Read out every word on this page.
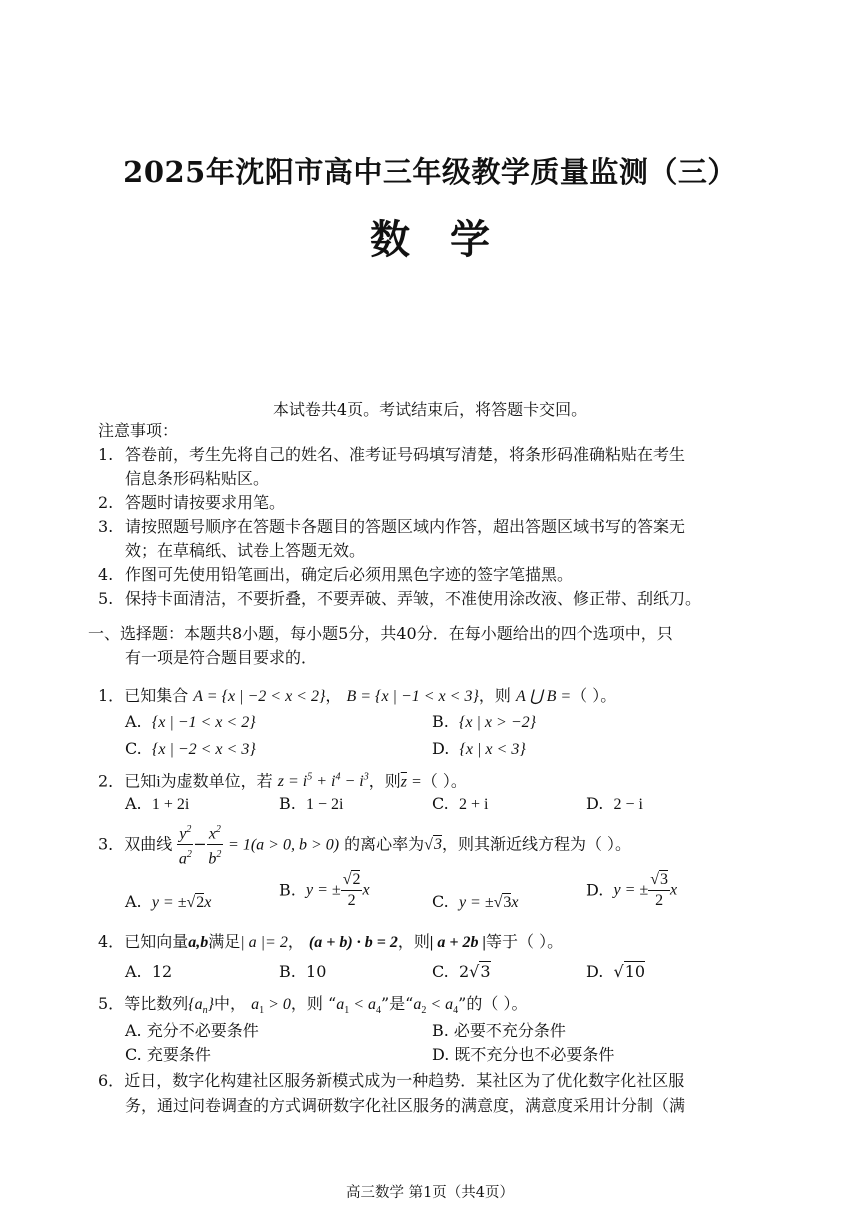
2025年沈阳市高中三年级教学质量监测（三）
数学
本试卷共4页。考试结束后，将答题卡交回。
注意事项：
1. 答卷前，考生先将自己的姓名、准考证号码填写清楚，将条形码准确粘贴在考生
信息条形码粘贴区。
2. 答题时请按要求用笔。
3. 请按照题号顺序在答题卡各题目的答题区域内作答，超出答题区域书写的答案无
效；在草稿纸、试卷上答题无效。
4. 作图可先使用铅笔画出，确定后必须用黑色字迹的签字笔描黑。
5. 保持卡面清洁，不要折叠，不要弄破、弄皱，不准使用涂改液、修正带、刮纸刀。
一、选择题：本题共8小题，每小题5分，共40分．在每小题给出的四个选项中，只
有一项是符合题目要求的．
1．已知集合 A = {x | −2 < x < 2}， B = {x | −1 < x < 3}，则 A ⋃ B =（ ）。
A. {x | −1 < x < 2}	B. {x | x > −2}
C. {x | −2 < x < 3}	D. {x | x < 3}
2．已知i为虚数单位，若 $z = i^5 + i^4 - i^3$，则$\overline{z}$ =（ ）。
A. 1 + 2i	B. 1 − 2i	C. 2 + i	D. 2 − i
3．双曲线 $\frac{y^2}{a^2} - \frac{x^2}{b^2} = 1(a > 0$, b > 0) 的离心率为√3，则其渐近线方程为（ ）。
A. y = ±√2x
B. y = ± $\frac{√2}{2}$ x
C. y = ±√3x
D. y = ± $\frac{√3}{2}$ x
4．已知向量a,b满足| a |= 2， (a + b) · b = 2，则| a + 2b |等于（ ）。
A. 12	B. 10	C. 2√3	D.  √10
5．等比数列$\{a_n\}$中， $a_1 > 0$，则 “$a_1 < a_4$”是“$a_2 < a_4$”的（ ）。
A. 充分不必要条件	B. 必要不充分条件
C. 充要条件	D. 既不充分也不必要条件
6．近日，数字化构建社区服务新模式成为一种趋势．某社区为了优化数字化社区服
务，通过问卷调查的方式调研数字化社区服务的满意度，满意度采用计分制（满
高三数学 第1页（共4页）
